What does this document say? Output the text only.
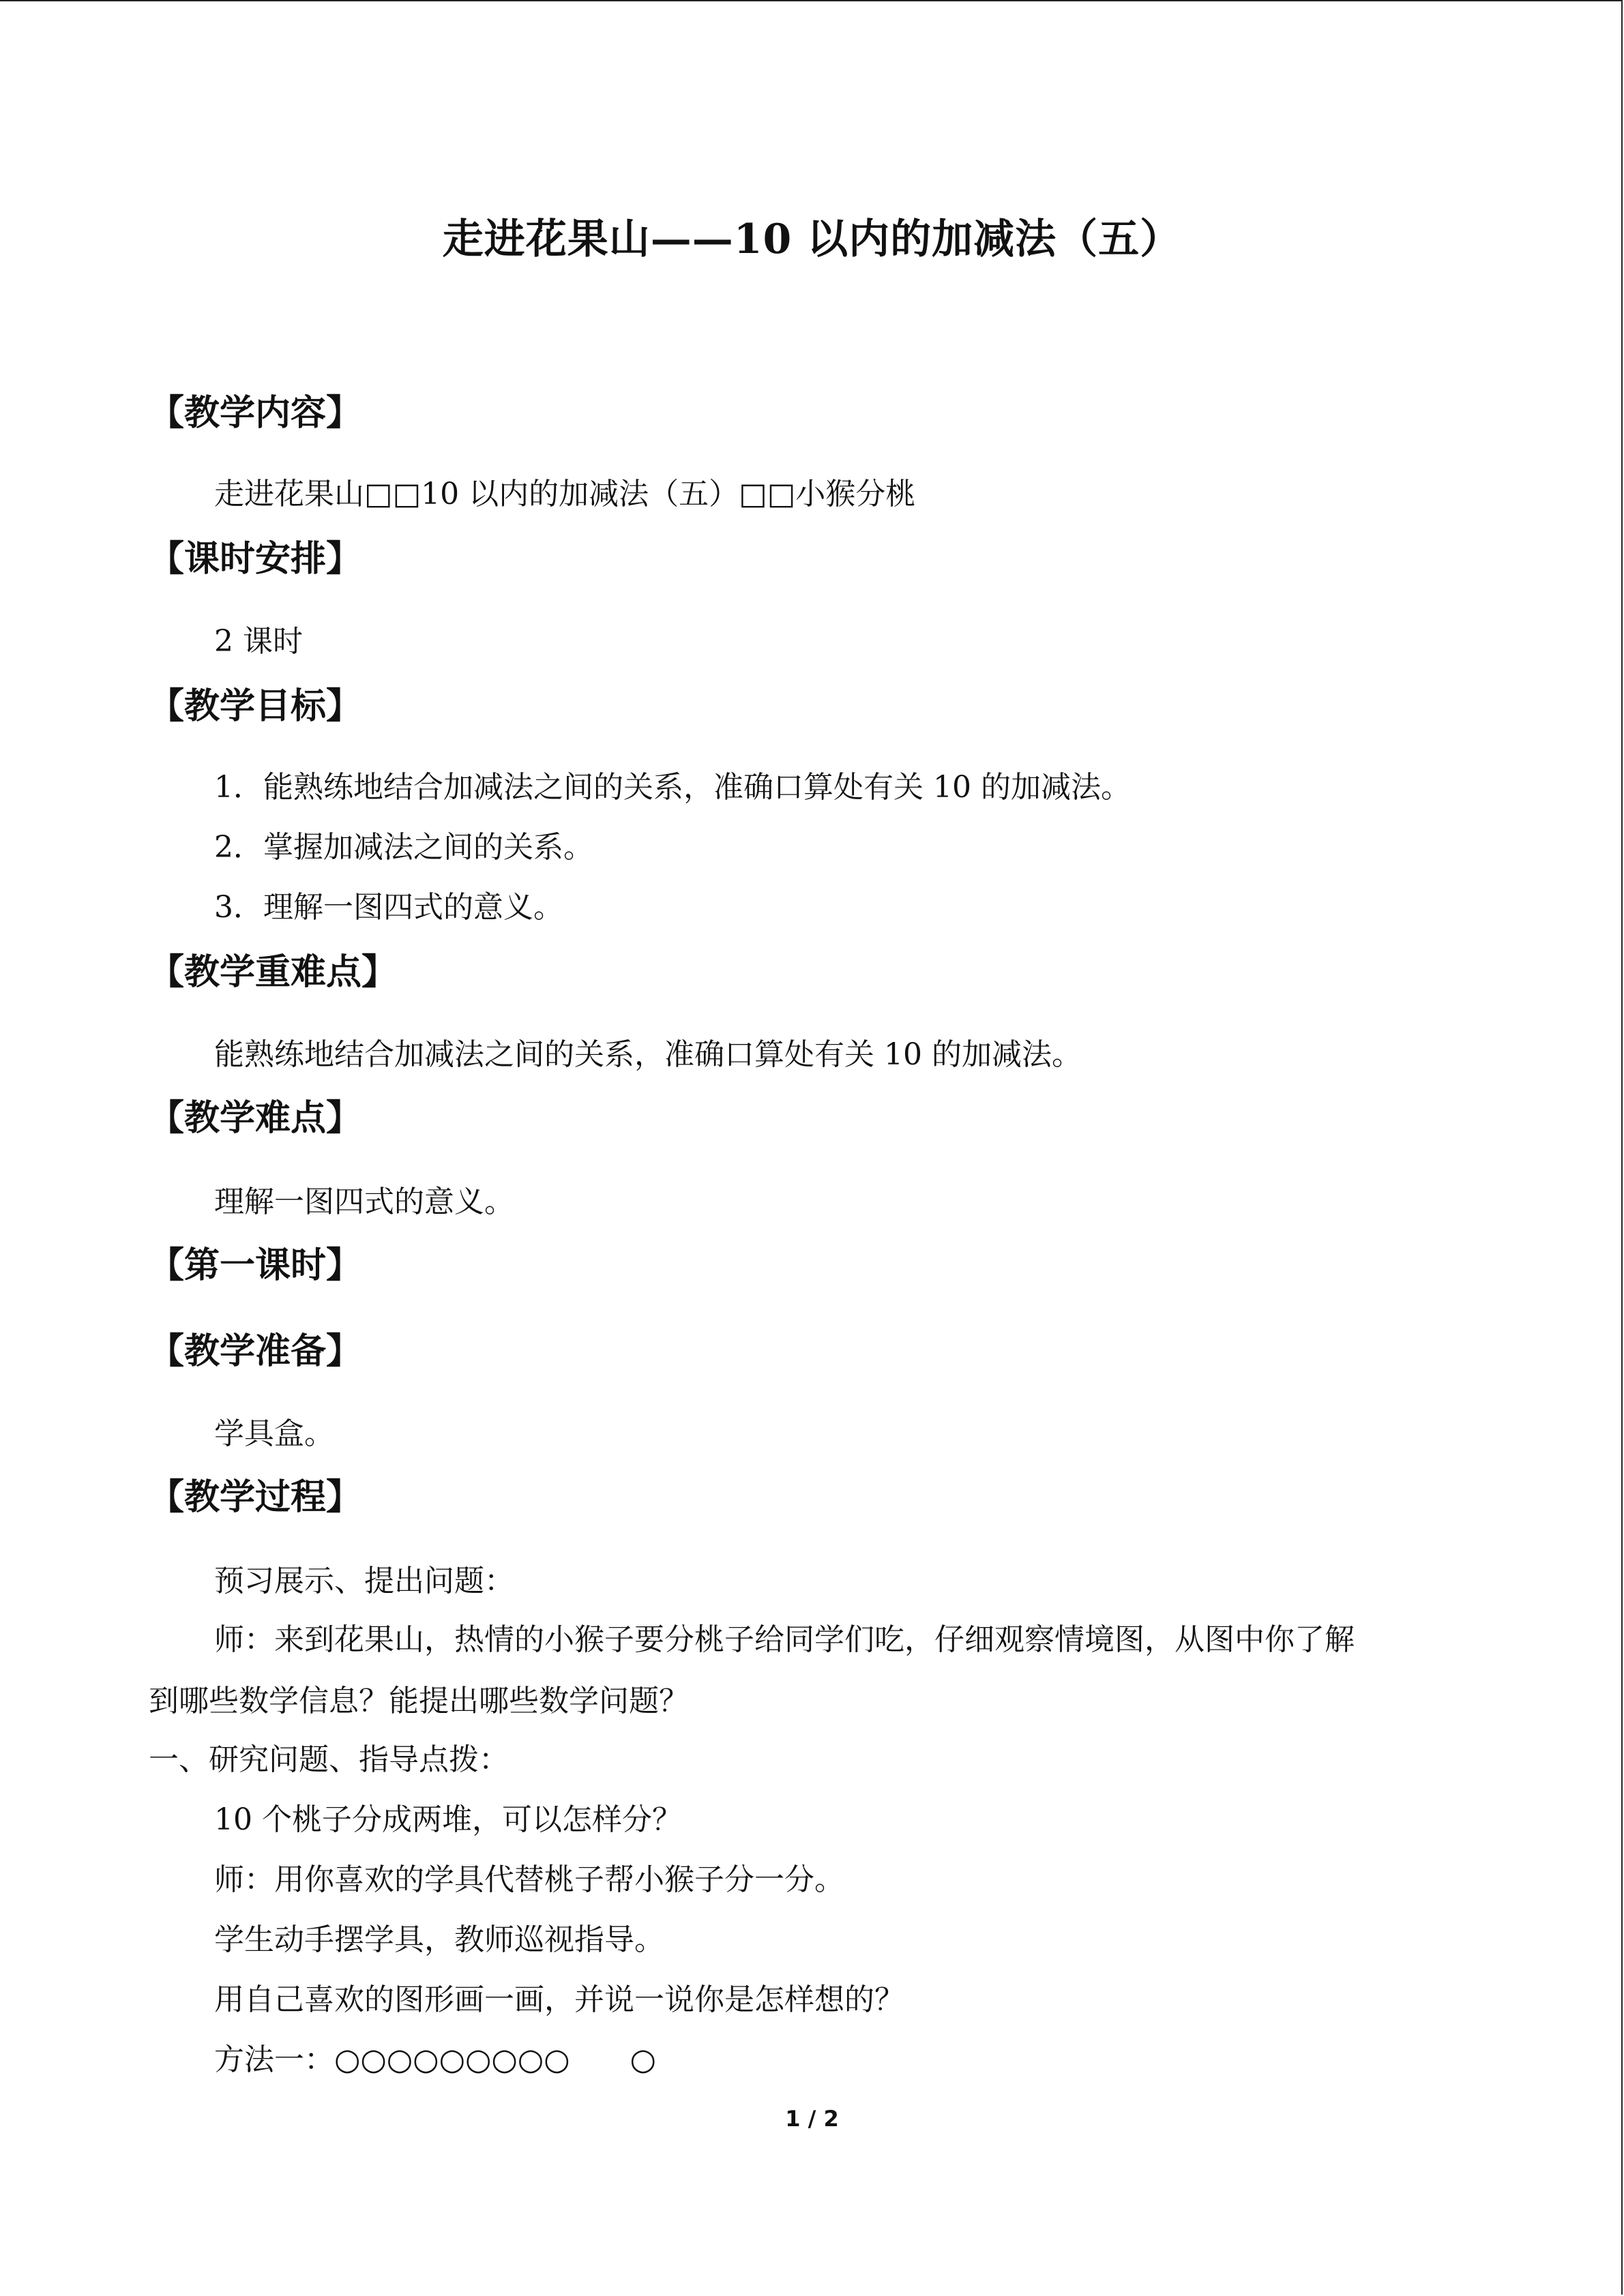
走进花果山——10 以内的加减法（五）
【教学内容】
走进花果山□□10 以内的加减法（五）□□小猴分桃
【课时安排】
2 课时
【教学目标】
1．能熟练地结合加减法之间的关系，准确口算处有关 10 的加减法。
2．掌握加减法之间的关系。
3．理解一图四式的意义。
【教学重难点】
能熟练地结合加减法之间的关系，准确口算处有关 10 的加减法。
【教学难点】
理解一图四式的意义。
【第一课时】
【教学准备】
学具盒。
【教学过程】
预习展示、提出问题：
师：来到花果山，热情的小猴子要分桃子给同学们吃，仔细观察情境图，从图中你了解
到哪些数学信息？能提出哪些数学问题？
一、研究问题、指导点拨：
10 个桃子分成两堆，可以怎样分？
师：用你喜欢的学具代替桃子帮小猴子分一分。
学生动手摆学具，教师巡视指导。
用自己喜欢的图形画一画，并说一说你是怎样想的？
方法一：○○○○○○○○○　　○
1 / 2
